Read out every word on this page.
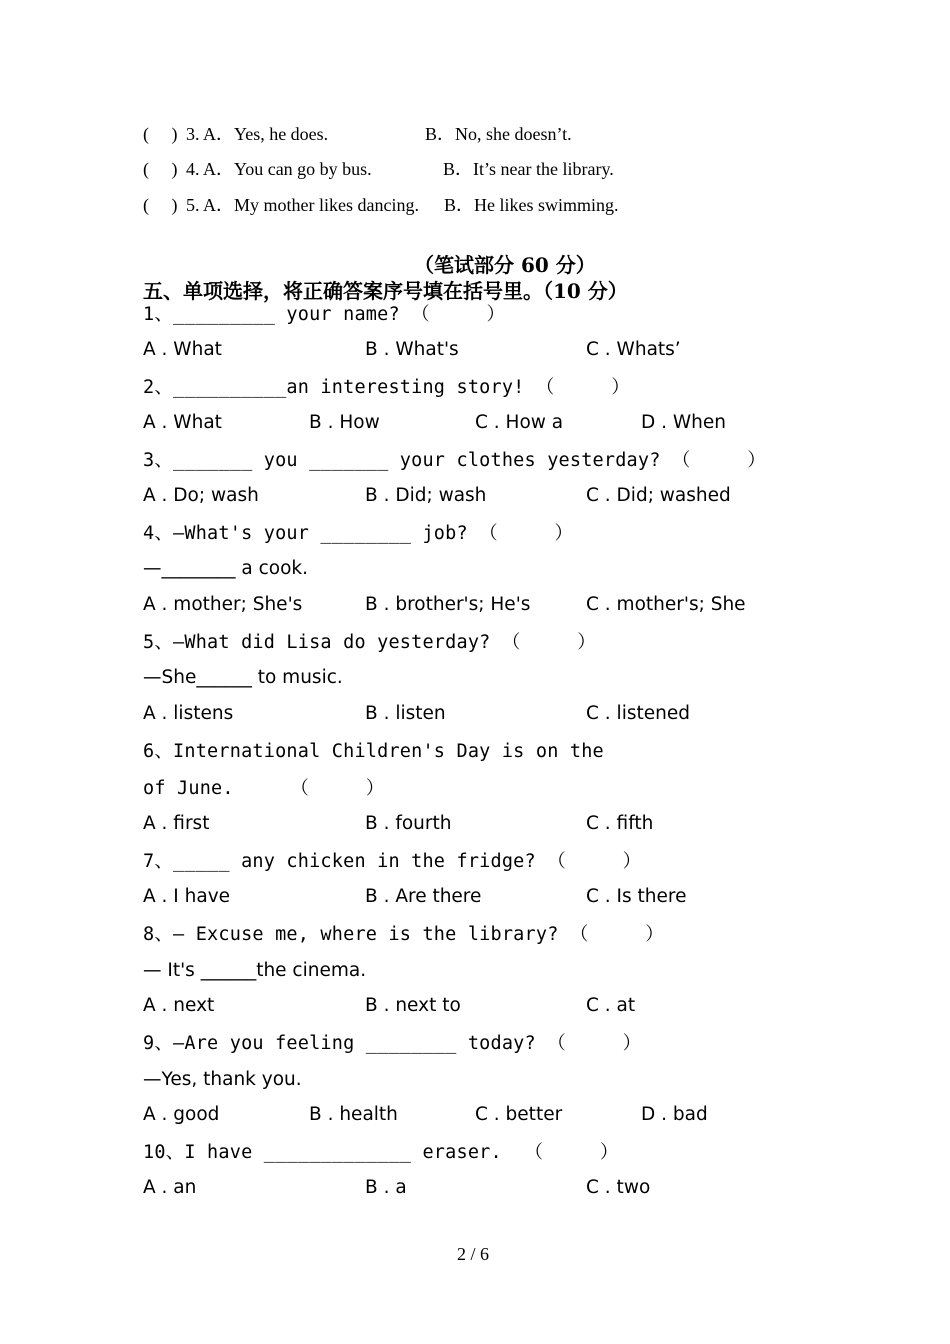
(     ) 3. A．Yes, he does.	B．No, she doesn’t.
(     ) 4. A．You can go by bus.	B．It’s near the library.
(     ) 5. A．My mother likes dancing. B．He likes swimming.
（笔试部分 60 分）
五、单项选择，将正确答案序号填在括号里。（10 分）
1、_________ your name? （     ）
A . What	B . What's	C . Whats’
2、__________an interesting story! （     ）
A . What	B . How	C . How a	D . When
3、_______ you _______ your clothes yesterday? （     ）
A . Do; wash	B . Did; wash	C . Did; washed
4、—What's your ________ job? （     ）
—________ a cook.
A . mother; She's	B . brother's; He's	C . mother's; She
5、—What did Lisa do yesterday? （     ）
—She______ to music.
A . listens	B . listen	C . listened
6、International Children's Day is on the
of June.     （     ）
A . first	B . fourth	C . fifth
7、_____ any chicken in the fridge? （     ）
A . I have	B . Are there	C . Is there
8、— Excuse me, where is the library? （     ）
— It's ______the cinema.
A . next	B . next to	C . at
9、—Are you feeling ________ today? （     ）
—Yes, thank you.
A . good	B . health	C . better	D . bad
10、I have _____________ eraser.  （     ）
A . an	B . a	C . two
2 / 6
